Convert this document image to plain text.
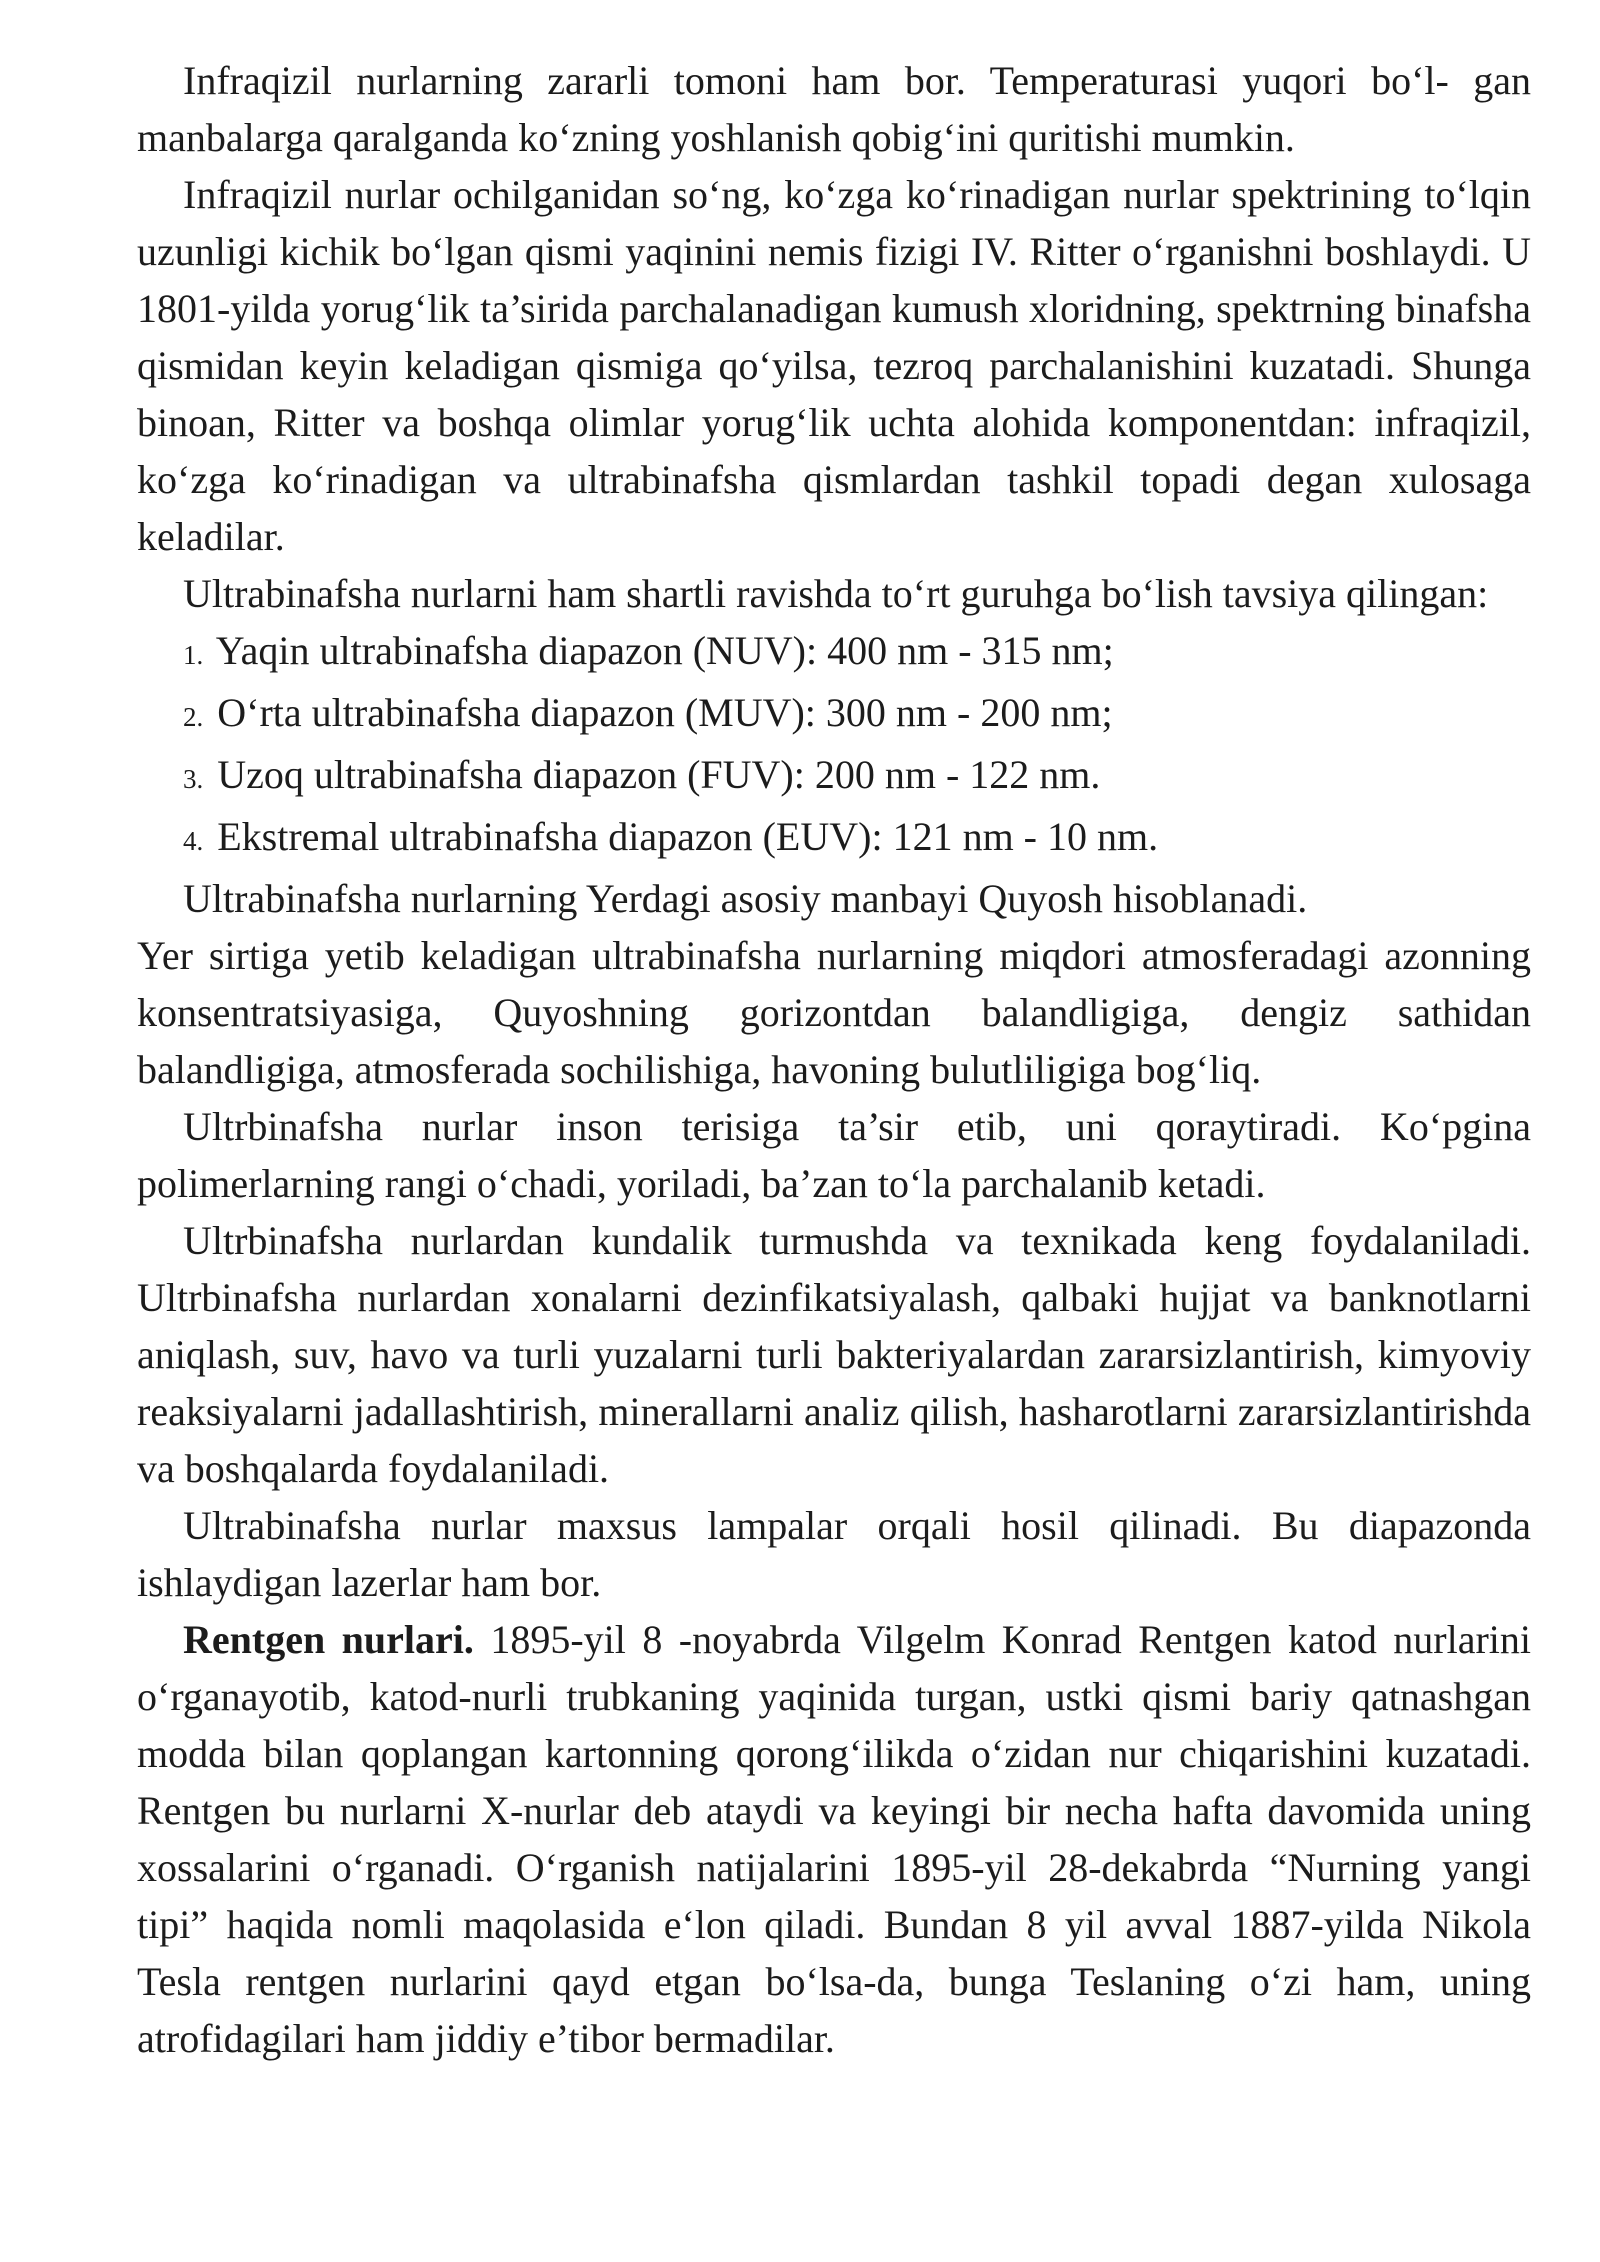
Infraqizil nurlarning zararli tomoni ham bor. Temperaturasi yuqori bo‘l- gan manbalarga qaralganda ko‘zning yoshlanish qobig‘ini quritishi mumkin.

Infraqizil nurlar ochilganidan so‘ng, ko‘zga ko‘rinadigan nurlar spektrining to‘lqin uzunligi kichik bo‘lgan qismi yaqinini nemis fizigi IV. Ritter o‘rganishni boshlaydi. U 1801-yilda yorug‘lik ta’sirida parchalanadigan kumush xloridning, spektrning binafsha qismidan keyin keladigan qismiga qo‘yilsa, tezroq parchalanishini kuzatadi. Shunga binoan, Ritter va boshqa olimlar yorug‘lik uchta alohida komponentdan: infraqizil, ko‘zga ko‘rinadigan va ultrabinafsha qismlardan tashkil topadi degan xulosaga keladilar.

Ultrabinafsha nurlarni ham shartli ravishda to‘rt guruhga bo‘lish tavsiya qilingan:

1. Yaqin ultrabinafsha diapazon (NUV): 400 nm - 315 nm;

2. O‘rta ultrabinafsha diapazon (MUV): 300 nm - 200 nm;

3. Uzoq ultrabinafsha diapazon (FUV): 200 nm - 122 nm.

4. Ekstremal ultrabinafsha diapazon (EUV): 121 nm - 10 nm.

Ultrabinafsha nurlarning Yerdagi asosiy manbayi Quyosh hisoblanadi.

Yer sirtiga yetib keladigan ultrabinafsha nurlarning miqdori atmosferadagi azonning konsentratsiyasiga, Quyoshning gorizontdan balandligiga, dengiz sathidan balandligiga, atmosferada sochilishiga, havoning bulutliligiga bog‘liq.

Ultrbinafsha nurlar inson terisiga ta’sir etib, uni qoraytiradi. Ko‘pgina polimerlarning rangi o‘chadi, yoriladi, ba’zan to‘la parchalanib ketadi.

Ultrbinafsha nurlardan kundalik turmushda va texnikada keng foydalaniladi. Ultrbinafsha nurlardan xonalarni dezinfikatsiyalash, qalbaki hujjat va banknotlarni aniqlash, suv, havo va turli yuzalarni turli bakteriyalardan zararsizlantirish, kimyoviy reaksiyalarni jadallashtirish, minerallarni analiz qilish, hasharotlarni zararsizlantirishda va boshqalarda foydalaniladi.

Ultrabinafsha nurlar maxsus lampalar orqali hosil qilinadi. Bu diapazonda ishlaydigan lazerlar ham bor.

Rentgen nurlari. 1895-yil 8 -noyabrda Vilgelm Konrad Rentgen katod nurlarini o‘rganayotib, katod-nurli trubkaning yaqinida turgan, ustki qismi bariy qatnashgan modda bilan qoplangan kartonning qorong‘ilikda o‘zidan nur chiqarishini kuzatadi. Rentgen bu nurlarni X-nurlar deb ataydi va keyingi bir necha hafta davomida uning xossalarini o‘rganadi. O‘rganish natijalarini 1895-yil 28-dekabrda “Nurning yangi tipi” haqida nomli maqolasida e‘lon qiladi. Bundan 8 yil avval 1887-yilda Nikola Tesla rentgen nurlarini qayd etgan bo‘lsa-da, bunga Teslaning o‘zi ham, uning atrofidagilari ham jiddiy e’tibor bermadilar.
